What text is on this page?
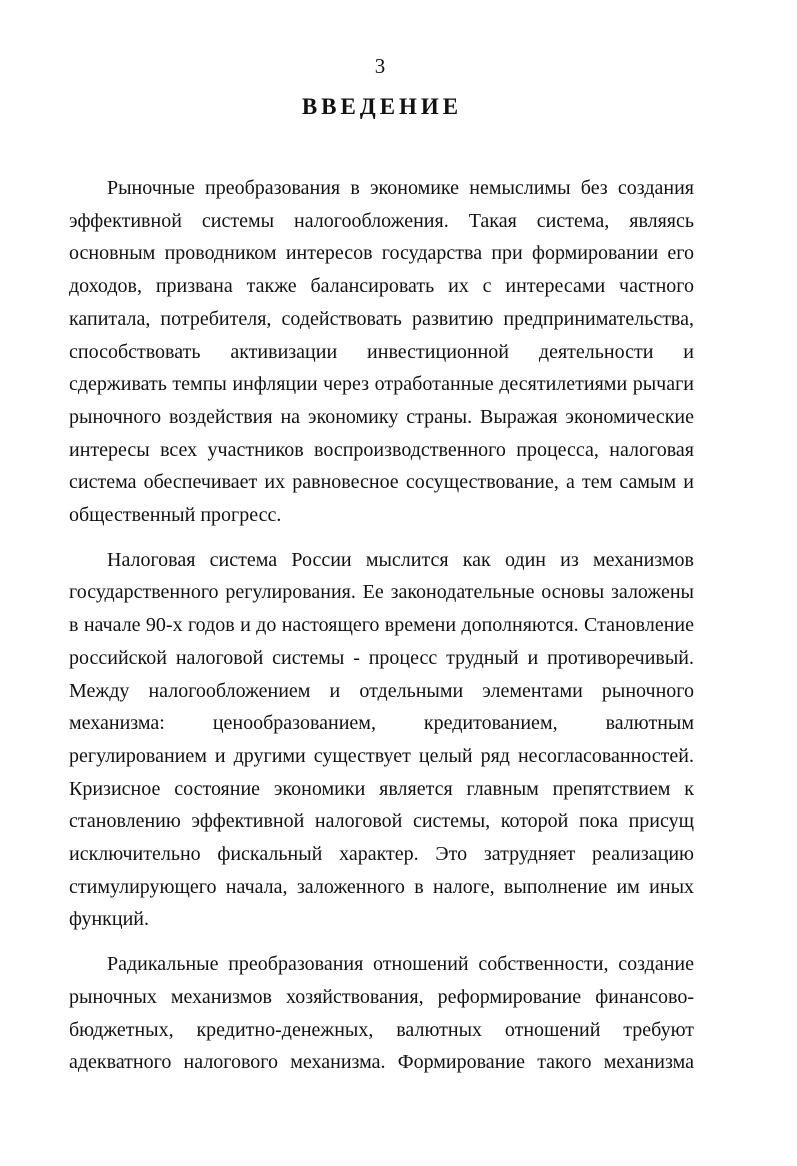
3
ВВЕДЕНИЕ

Рыночные преобразования в экономике немыслимы без создания эффективной системы налогообложения. Такая система, являясь основным проводником интересов государства при формировании его доходов, призвана также балансировать их с интересами частного капитала, потребителя, содействовать развитию предпринимательства, способствовать активизации инвестиционной деятельности и сдерживать темпы инфляции через отработанные десятилетиями рычаги рыночного воздействия на экономику страны. Выражая экономические интересы всех участников воспроизводственного процесса, налоговая система обеспечивает их равновесное сосуществование, а тем самым и общественный прогресс.

Налоговая система России мыслится как один из механизмов государственного регулирования. Ее законодательные основы заложены в начале 90-х годов и до настоящего времени дополняются. Становление российской налоговой системы - процесс трудный и противоречивый. Между налогообложением и отдельными элементами рыночного механизма: ценообразованием, кредитованием, валютным регулированием и другими существует целый ряд несогласованностей. Кризисное состояние экономики является главным препятствием к становлению эффективной налоговой системы, которой пока присущ исключительно фискальный характер. Это затрудняет реализацию стимулирующего начала, заложенного в налоге, выполнение им иных функций.

Радикальные преобразования отношений собственности, создание рыночных механизмов хозяйствования, реформирование финансово-бюджетных, кредитно-денежных, валютных отношений требуют адекватного налогового механизма. Формирование такого механизма
